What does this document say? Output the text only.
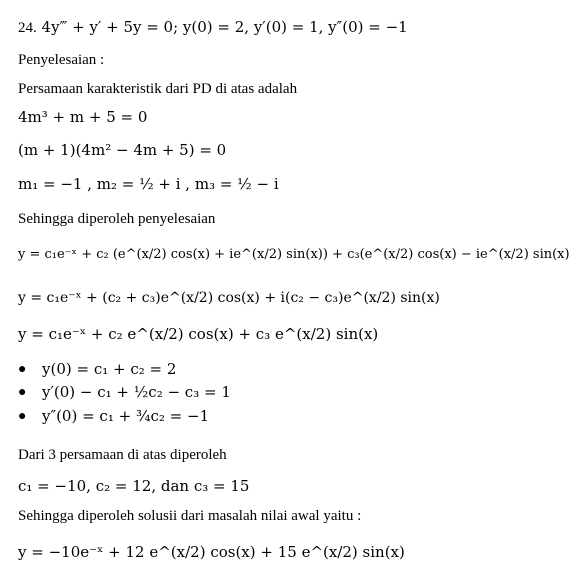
24. 4y‴ + y′ + 5y = 0; y(0) = 2, y′(0) = 1, y″(0) = −1
Penyelesaian :
Persamaan karakteristik dari PD di atas adalah
4m³ + m + 5 = 0
(m + 1)(4m² − 4m + 5) = 0
m₁ = −1 , m₂ = ½ + i , m₃ = ½ − i
Sehingga diperoleh penyelesaian
y = c₁e⁻ˣ + c₂ (e^(x/2) cos(x) + ie^(x/2) sin(x)) + c₃(e^(x/2) cos(x) − ie^(x/2) sin(x)
y = c₁e⁻ˣ + (c₂ + c₃)e^(x/2) cos(x) + i(c₂ − c₃)e^(x/2) sin(x)
y = c₁e⁻ˣ + c₂ e^(x/2) cos(x) + c₃ e^(x/2) sin(x)
● y(0) = c₁ + c₂ = 2
● y′(0) − c₁ + ½c₂ − c₃ = 1
● y″(0) = c₁ + ¾c₂ = −1
Dari 3 persamaan di atas diperoleh
c₁ = −10, c₂ = 12, dan c₃ = 15
Sehingga diperoleh solusii dari masalah nilai awal yaitu :
y = −10e⁻ˣ + 12 e^(x/2) cos(x) + 15 e^(x/2) sin(x)
